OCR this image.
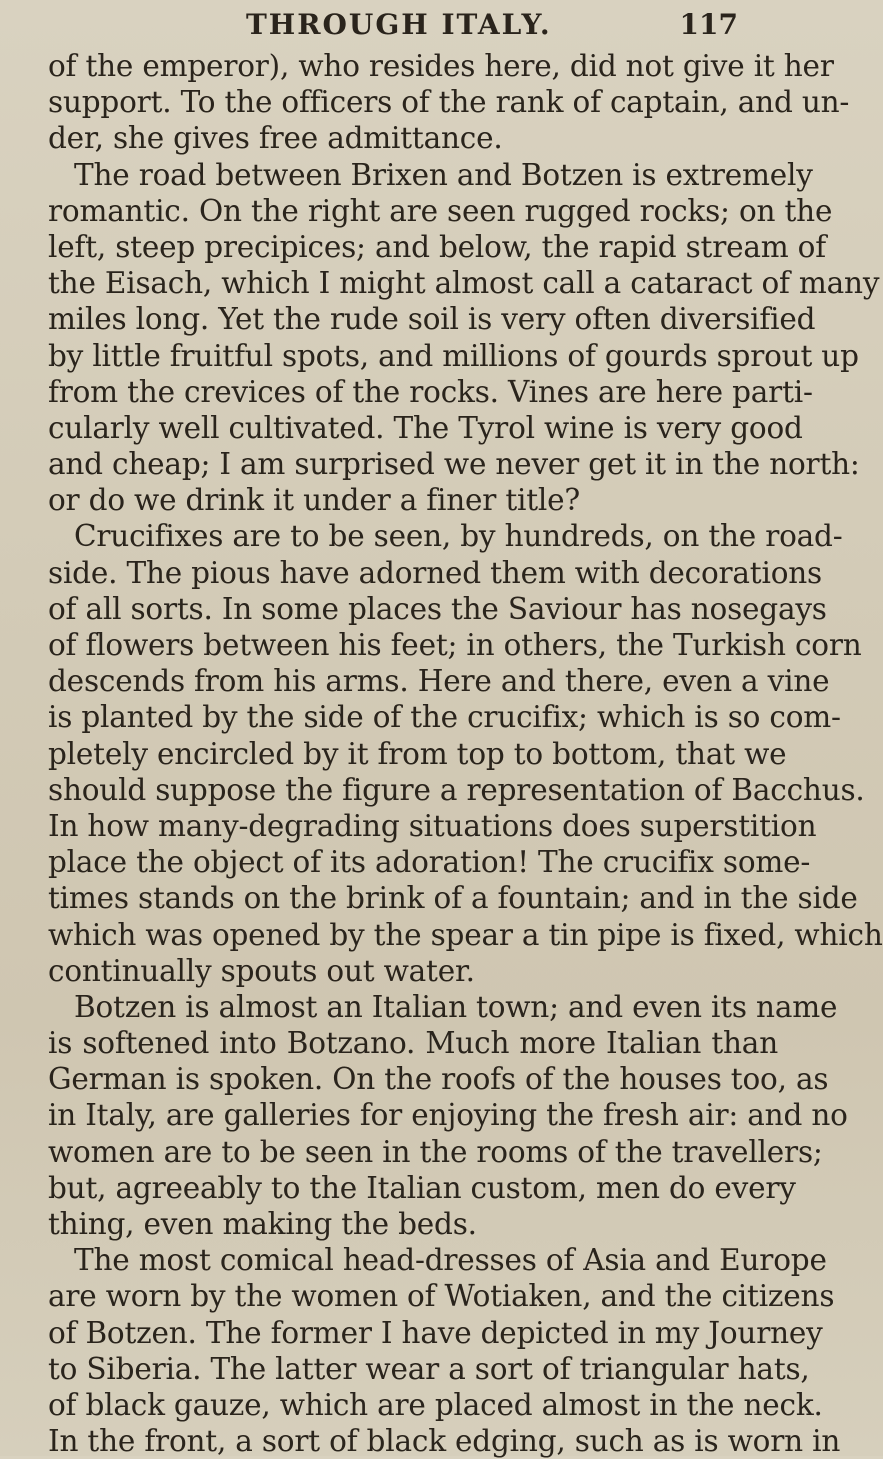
THROUGH ITALY.	117
of the emperor), who resides here, did not give it her
support. To the officers of the rank of captain, and un-
der, she gives free admittance.
The road between Brixen and Botzen is extremely
romantic. On the right are seen rugged rocks; on the
left, steep precipices; and below, the rapid stream of
the Eisach, which I might almost call a cataract of many
miles long. Yet the rude soil is very often diversified
by little fruitful spots, and millions of gourds sprout up
from the crevices of the rocks. Vines are here parti-
cularly well cultivated. The Tyrol wine is very good
and cheap; I am surprised we never get it in the north:
or do we drink it under a finer title?
Crucifixes are to be seen, by hundreds, on the road-
side. The pious have adorned them with decorations
of all sorts. In some places the Saviour has nosegays
of flowers between his feet; in others, the Turkish corn
descends from his arms. Here and there, even a vine
is planted by the side of the crucifix; which is so com-
pletely encircled by it from top to bottom, that we
should suppose the figure a representation of Bacchus.
In how many-degrading situations does superstition
place the object of its adoration! The crucifix some-
times stands on the brink of a fountain; and in the side
which was opened by the spear a tin pipe is fixed, which
continually spouts out water.
Botzen is almost an Italian town; and even its name
is softened into Botzano. Much more Italian than
German is spoken. On the roofs of the houses too, as
in Italy, are galleries for enjoying the fresh air: and no
women are to be seen in the rooms of the travellers;
but, agreeably to the Italian custom, men do every
thing, even making the beds.
The most comical head-dresses of Asia and Europe
are worn by the women of Wotiaken, and the citizens
of Botzen. The former I have depicted in my Journey
to Siberia. The latter wear a sort of triangular hats,
of black gauze, which are placed almost in the neck.
In the front, a sort of black edging, such as is worn in
